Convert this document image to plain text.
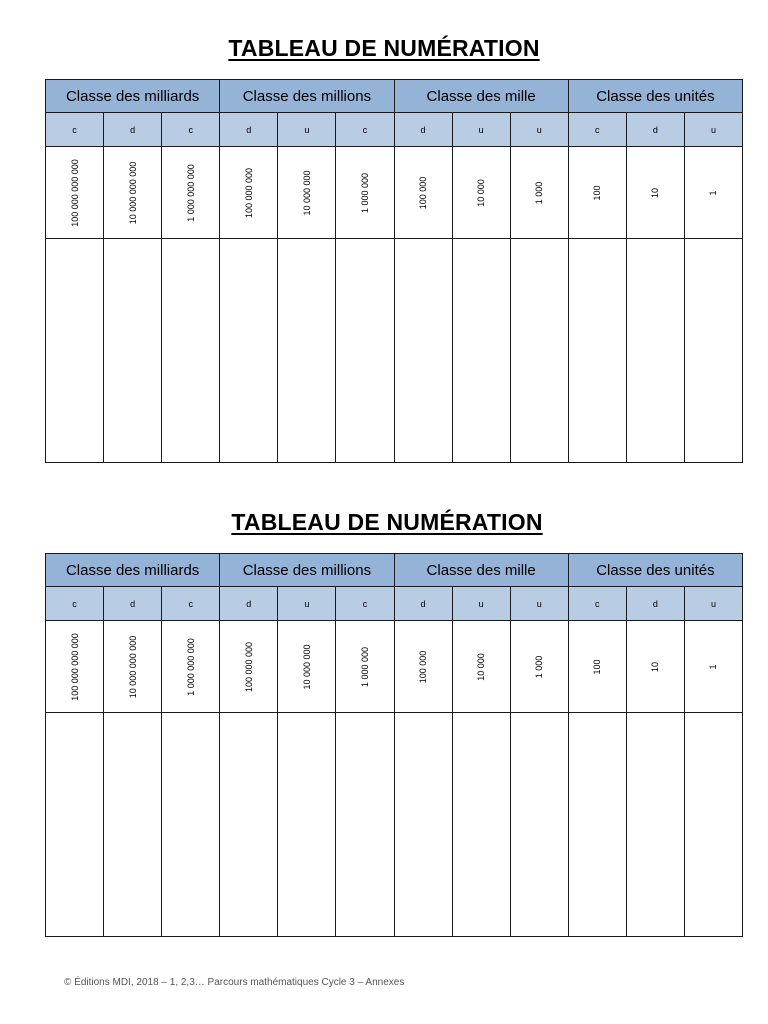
TABLEAU DE NUMÉRATION
Classe des milliards			Classe des millions			Classe des mille			Classe des unités		
c	d	c	d	u	c	d	u	u	c	d	u

100 000 000 000	10 000 000 000	1 000 000 000	100 000 000	10 000 000	1 000 000	100 000	10 000	1 000	100	10	1

TABLEAU DE NUMÉRATION
Classe des milliards			Classe des millions			Classe des mille			Classe des unités		
c	d	c	d	u	c	d	u	u	c	d	u

100 000 000 000	10 000 000 000	1 000 000 000	100 000 000	10 000 000	1 000 000	100 000	10 000	1 000	100	10	1

© Éditions MDI, 2018 – 1, 2,3… Parcours mathématiques Cycle 3 – Annexes
